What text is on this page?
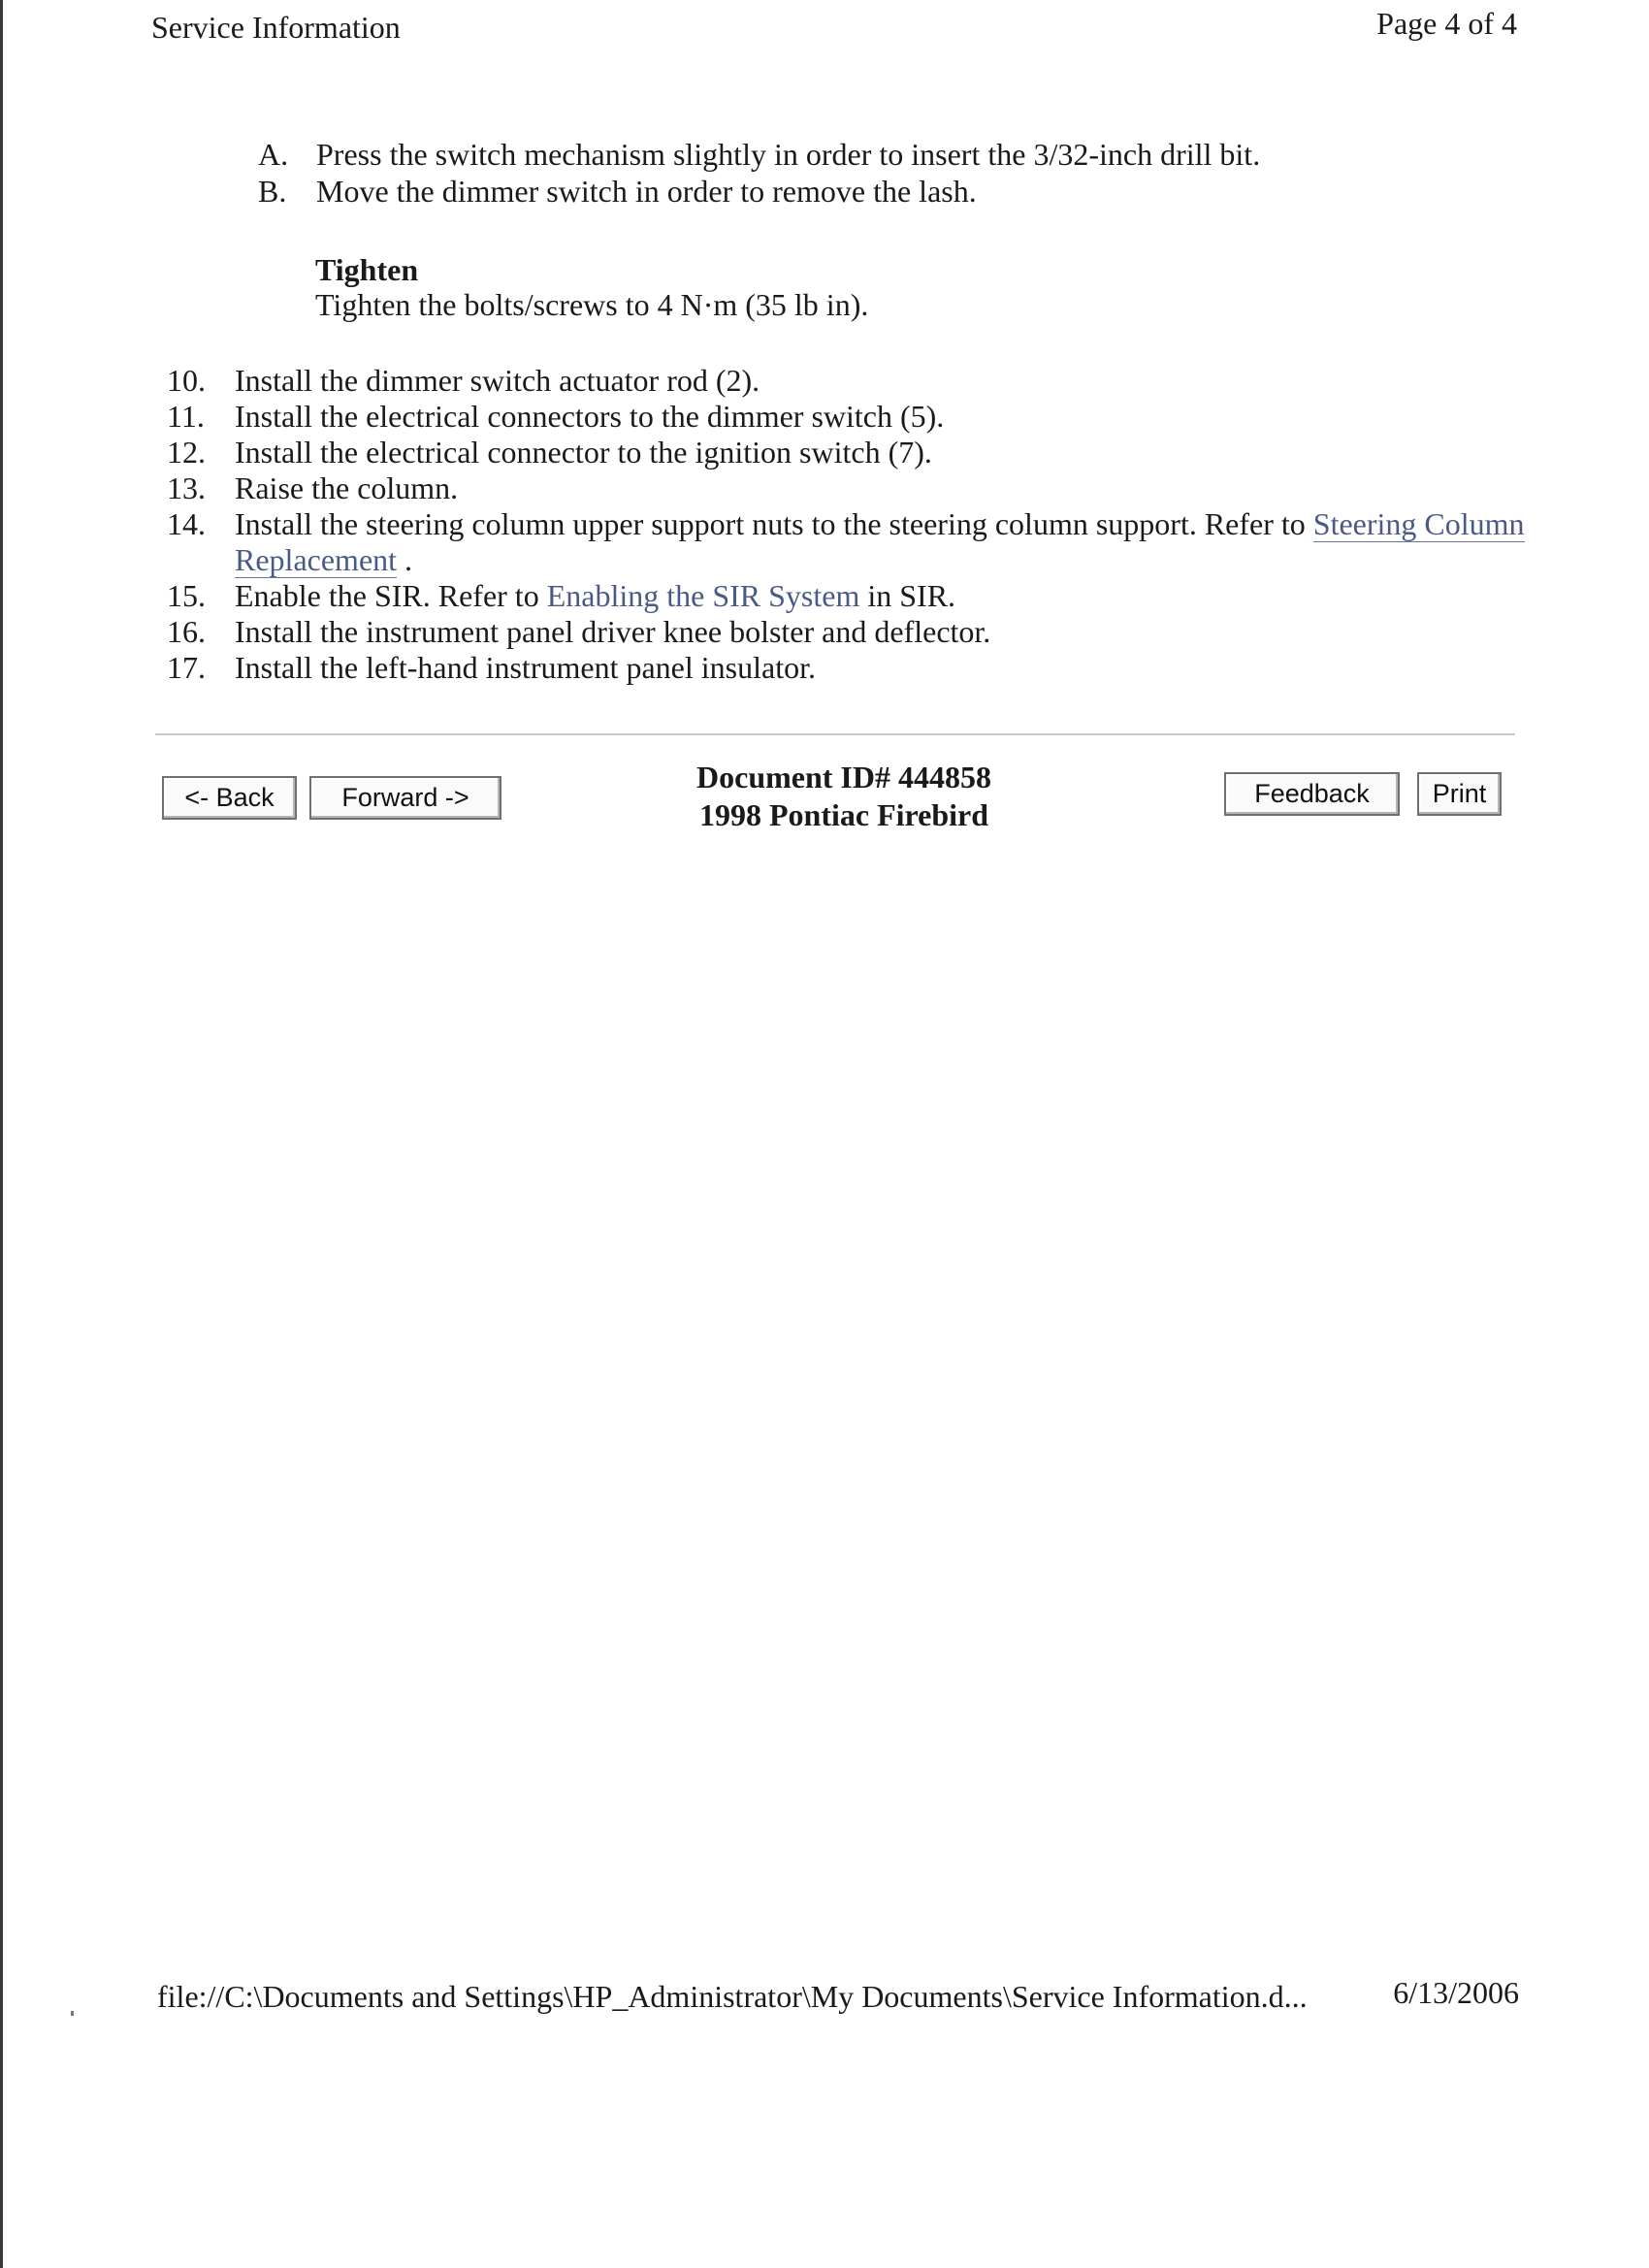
Service Information	Page 4 of 4
A. Press the switch mechanism slightly in order to insert the 3/32-inch drill bit.
B. Move the dimmer switch in order to remove the lash.
Tighten
Tighten the bolts/screws to 4 N·m (35 lb in).
10. Install the dimmer switch actuator rod (2).
11. Install the electrical connectors to the dimmer switch (5).
12. Install the electrical connector to the ignition switch (7).
13. Raise the column.
14. Install the steering column upper support nuts to the steering column support. Refer to Steering Column Replacement .
15. Enable the SIR. Refer to Enabling the SIR System in SIR.
16. Install the instrument panel driver knee bolster and deflector.
17. Install the left-hand instrument panel insulator.
<- Back	Forward ->
Document ID# 444858
1998 Pontiac Firebird
Feedback	Print
file://C:\Documents and Settings\HP_Administrator\My Documents\Service Information.d...	6/13/2006
